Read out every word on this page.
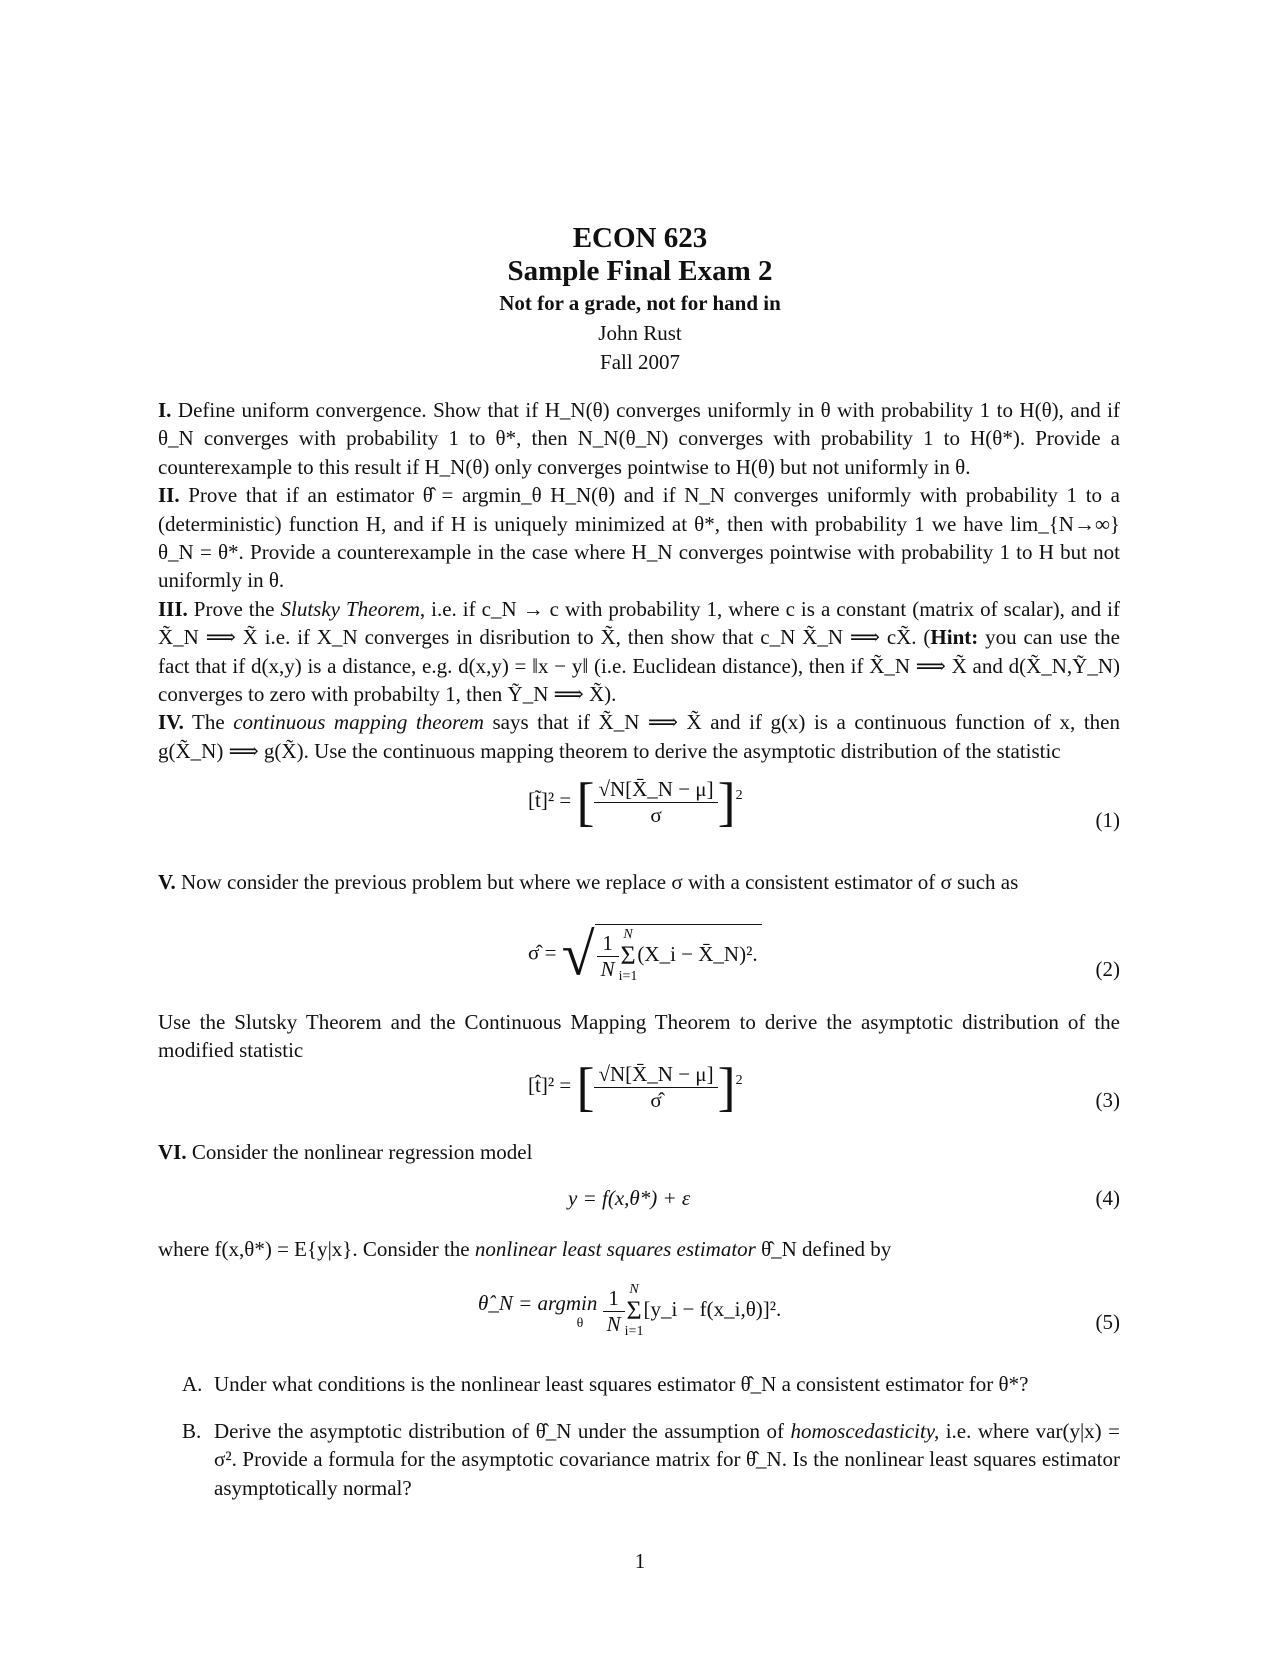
ECON 623
Sample Final Exam 2
Not for a grade, not for hand in
John Rust
Fall 2007
I. Define uniform convergence. Show that if H_N(θ) converges uniformly in θ with probability 1 to H(θ), and if θ_N converges with probability 1 to θ*, then N_N(θ_N) converges with probability 1 to H(θ*). Provide a counterexample to this result if H_N(θ) only converges pointwise to H(θ) but not uniformly in θ.
II. Prove that if an estimator θ̂ = argmin_θ H_N(θ) and if N_N converges uniformly with probability 1 to a (deterministic) function H, and if H is uniquely minimized at θ*, then with probability 1 we have lim_{N→∞} θ_N = θ*. Provide a counterexample in the case where H_N converges pointwise with probability 1 to H but not uniformly in θ.
III. Prove the Slutsky Theorem, i.e. if c_N → c with probability 1, where c is a constant (matrix of scalar), and if X̃_N ⟹ X̃ i.e. if X_N converges in disribution to X̃, then show that c_N X̃_N ⟹ cX̃. (Hint: you can use the fact that if d(x,y) is a distance, e.g. d(x,y) = ‖x − y‖ (i.e. Euclidean distance), then if X̃_N ⟹ X̃ and d(X̃_N,Ỹ_N) converges to zero with probabilty 1, then Ỹ_N ⟹ X̃).
IV. The continuous mapping theorem says that if X̃_N ⟹ X̃ and if g(x) is a continuous function of x, then g(X̃_N) ⟹ g(X̃). Use the continuous mapping theorem to derive the asymptotic distribution of the statistic
[t̃]² = [ $\frac{√N[X̄\_N - \mu]}{\sigma} ]^2$
(1)
V. Now consider the previous problem but where we replace σ with a consistent estimator of σ such as
σ̂ = √ $\frac{1}{N}$ N
Σ
i=1
(X_i − X̄_N)².
(2)
Use the Slutsky Theorem and the Continuous Mapping Theorem to derive the asymptotic distribution of the modified statistic
[t̂]² = [ $\frac{√N[X̄\_N - \mu]}{\sigmâ} ]^2$
(3)
VI. Consider the nonlinear regression model
y = f(x,θ*) + ε	(4)
where f(x,θ*) = E{y|x}. Consider the nonlinear least squares estimator θ̂_N defined by
θ̂_N = argmin
θ
$\frac{1}{N}$ N
Σ
i=1
[y_i − f(x_i,θ)]².
(5)
A. Under what conditions is the nonlinear least squares estimator θ̂_N a consistent estimator for θ*?
B. Derive the asymptotic distribution of θ̂_N under the assumption of homoscedasticity, i.e. where var(y|x) = σ². Provide a formula for the asymptotic covariance matrix for θ̂_N. Is the nonlinear least squares estimator asymptotically normal?
1
